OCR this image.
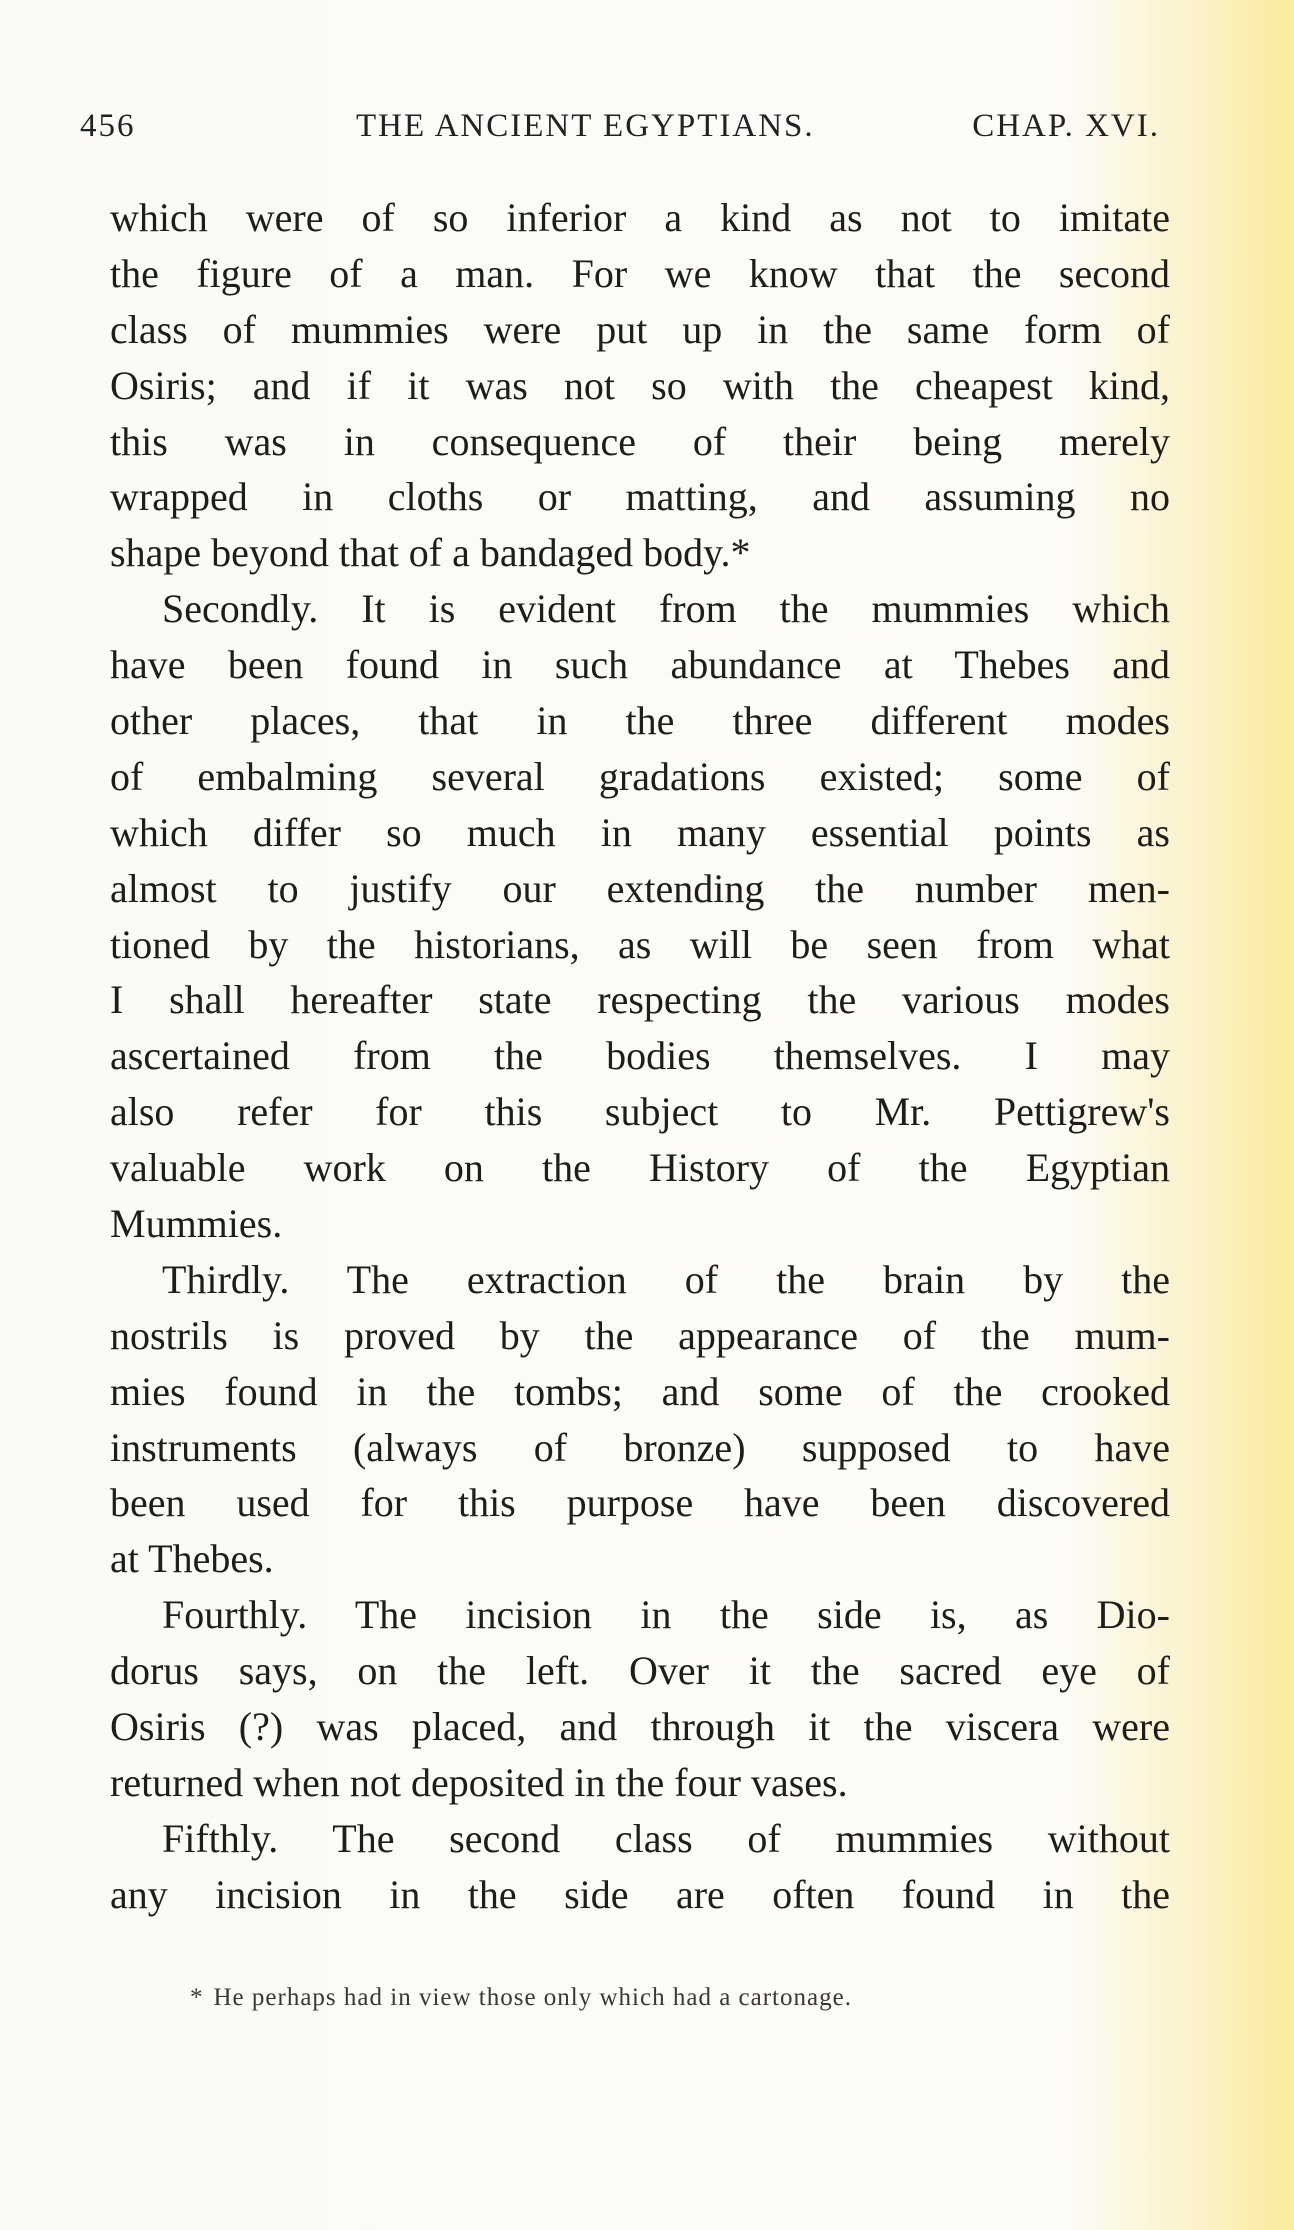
456	THE ANCIENT EGYPTIANS.	CHAP. XVI.
which were of so inferior a kind as not to imitate
the figure of a man. For we know that the second
class of mummies were put up in the same form of
Osiris; and if it was not so with the cheapest kind,
this was in consequence of their being merely
wrapped in cloths or matting, and assuming no
shape beyond that of a bandaged body.*
Secondly. It is evident from the mummies which
have been found in such abundance at Thebes and
other places, that in the three different modes
of embalming several gradations existed; some of
which differ so much in many essential points as
almost to justify our extending the number men-
tioned by the historians, as will be seen from what
I shall hereafter state respecting the various modes
ascertained from the bodies themselves. I may
also refer for this subject to Mr. Pettigrew's
valuable work on the History of the Egyptian
Mummies.
Thirdly. The extraction of the brain by the
nostrils is proved by the appearance of the mum-
mies found in the tombs; and some of the crooked
instruments (always of bronze) supposed to have
been used for this purpose have been discovered
at Thebes.
Fourthly. The incision in the side is, as Dio-
dorus says, on the left. Over it the sacred eye of
Osiris (?) was placed, and through it the viscera were
returned when not deposited in the four vases.
Fifthly. The second class of mummies without
any incision in the side are often found in the
* He perhaps had in view those only which had a cartonage.
